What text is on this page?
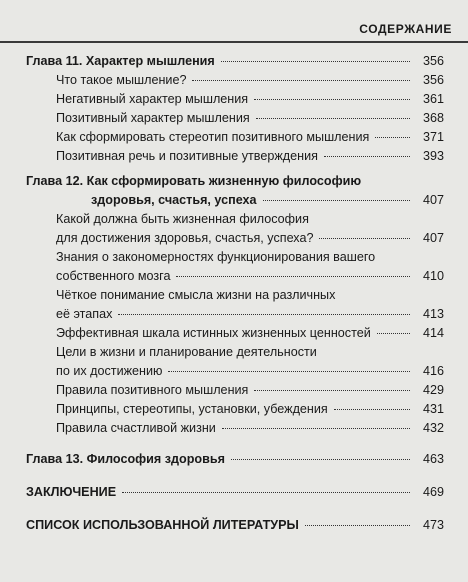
СОДЕРЖАНИЕ
Глава 11. Характер мышления	356
Что такое мышление?	356
Негативный характер мышления	361
Позитивный характер мышления	368
Как сформировать стереотип позитивного мышления	371
Позитивная речь и позитивные утверждения	393
Глава 12. Как сформировать жизненную философию
здоровья, счастья, успеха	407
Какой должна быть жизненная философия
для достижения здоровья, счастья, успеха?	407
Знания о закономерностях функционирования вашего
собственного мозга	410
Чёткое понимание смысла жизни на различных
её этапах	413
Эффективная шкала истинных жизненных ценностей	414
Цели в жизни и планирование деятельности
по их достижению	416
Правила позитивного мышления	429
Принципы, стереотипы, установки, убеждения	431
Правила счастливой жизни	432
Глава 13. Философия здоровья	463
ЗАКЛЮЧЕНИЕ	469
СПИСОК ИСПОЛЬЗОВАННОЙ ЛИТЕРАТУРЫ	473
